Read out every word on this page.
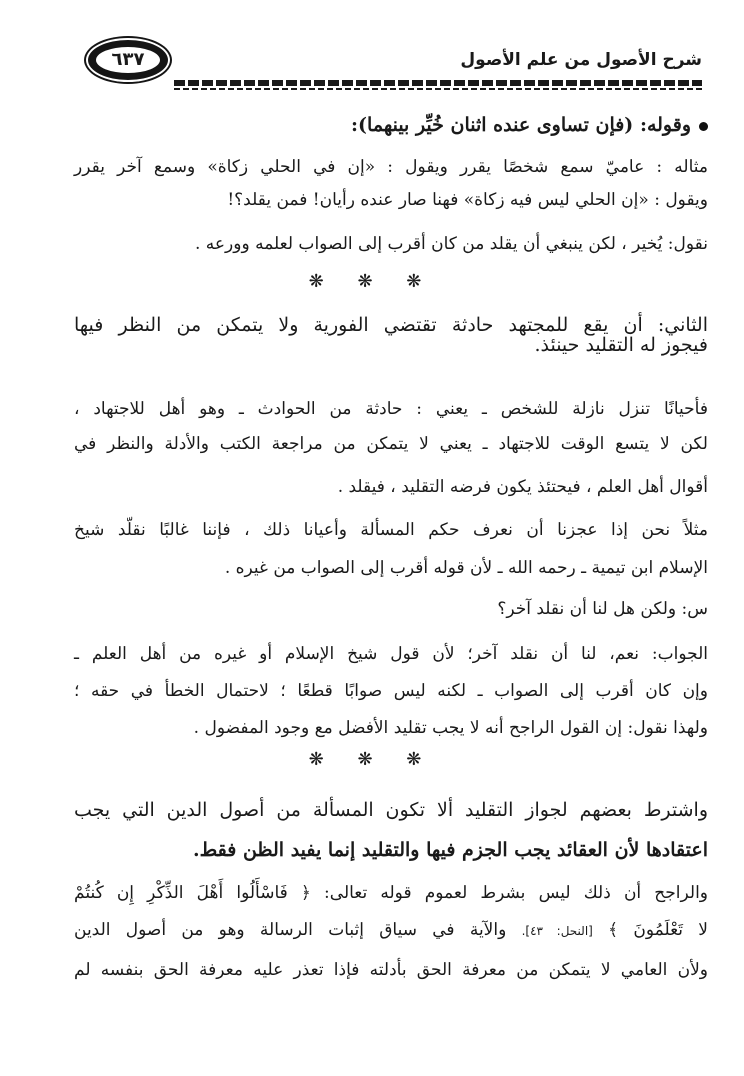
٦٣٧	شرح الأصول من علم الأصول
وقوله: (فإن تساوى عنده اثنان خُيِّر بينهما):
مثاله : عاميّ سمع شخصًا يقرر ويقول : «إن في الحلي زكاة» وسمع آخر يقرر
ويقول : «إن الحلي ليس فيه زكاة» فهنا صار عنده رأيان! فمن يقلد؟!
نقول: يُخير ، لكن ينبغي أن يقلد من كان أقرب إلى الصواب لعلمه وورعه .
❋ ❋ ❋
الثاني: أن يقع للمجتهد حادثة تقتضي الفورية ولا يتمكن من النظر فيها
فيجوز له التقليد حينئذ.
فأحيانًا تنزل نازلة للشخص ـ يعني : حادثة من الحوادث ـ وهو أهل للاجتهاد ،
لكن لا يتسع الوقت للاجتهاد ـ يعني لا يتمكن من مراجعة الكتب والأدلة والنظر في
أقوال أهل العلم ، فيحتئذ يكون فرضه التقليد ، فيقلد .
مثلاً نحن إذا عجزنا أن نعرف حكم المسألة وأعيانا ذلك ، فإننا غالبًا نقلّد شيخ
الإسلام ابن تيمية ـ رحمه الله ـ لأن قوله أقرب إلى الصواب من غيره .
س: ولكن هل لنا أن نقلد آخر؟
الجواب: نعم، لنا أن نقلد آخر؛ لأن قول شيخ الإسلام أو غيره من أهل العلم ـ
وإن كان أقرب إلى الصواب ـ لكنه ليس صوابًا قطعًا ؛ لاحتمال الخطأ في حقه ؛
ولهذا نقول: إن القول الراجح أنه لا يجب تقليد الأفضل مع وجود المفضول .
❋ ❋ ❋
واشترط بعضهم لجواز التقليد ألا تكون المسألة من أصول الدين التي يجب
اعتقادها لأن العقائد يجب الجزم فيها والتقليد إنما يفيد الظن فقط.
والراجح أن ذلك ليس بشرط لعموم قوله تعالى: ﴿ فَاسْأَلُوا أَهْلَ الذِّكْرِ إِن كُنتُمْ
لا تَعْلَمُونَ ﴾ [النحل: ٤٣]. والآية في سياق إثبات الرسالة وهو من أصول الدين
ولأن العامي لا يتمكن من معرفة الحق بأدلته فإذا تعذر عليه معرفة الحق بنفسه لم
